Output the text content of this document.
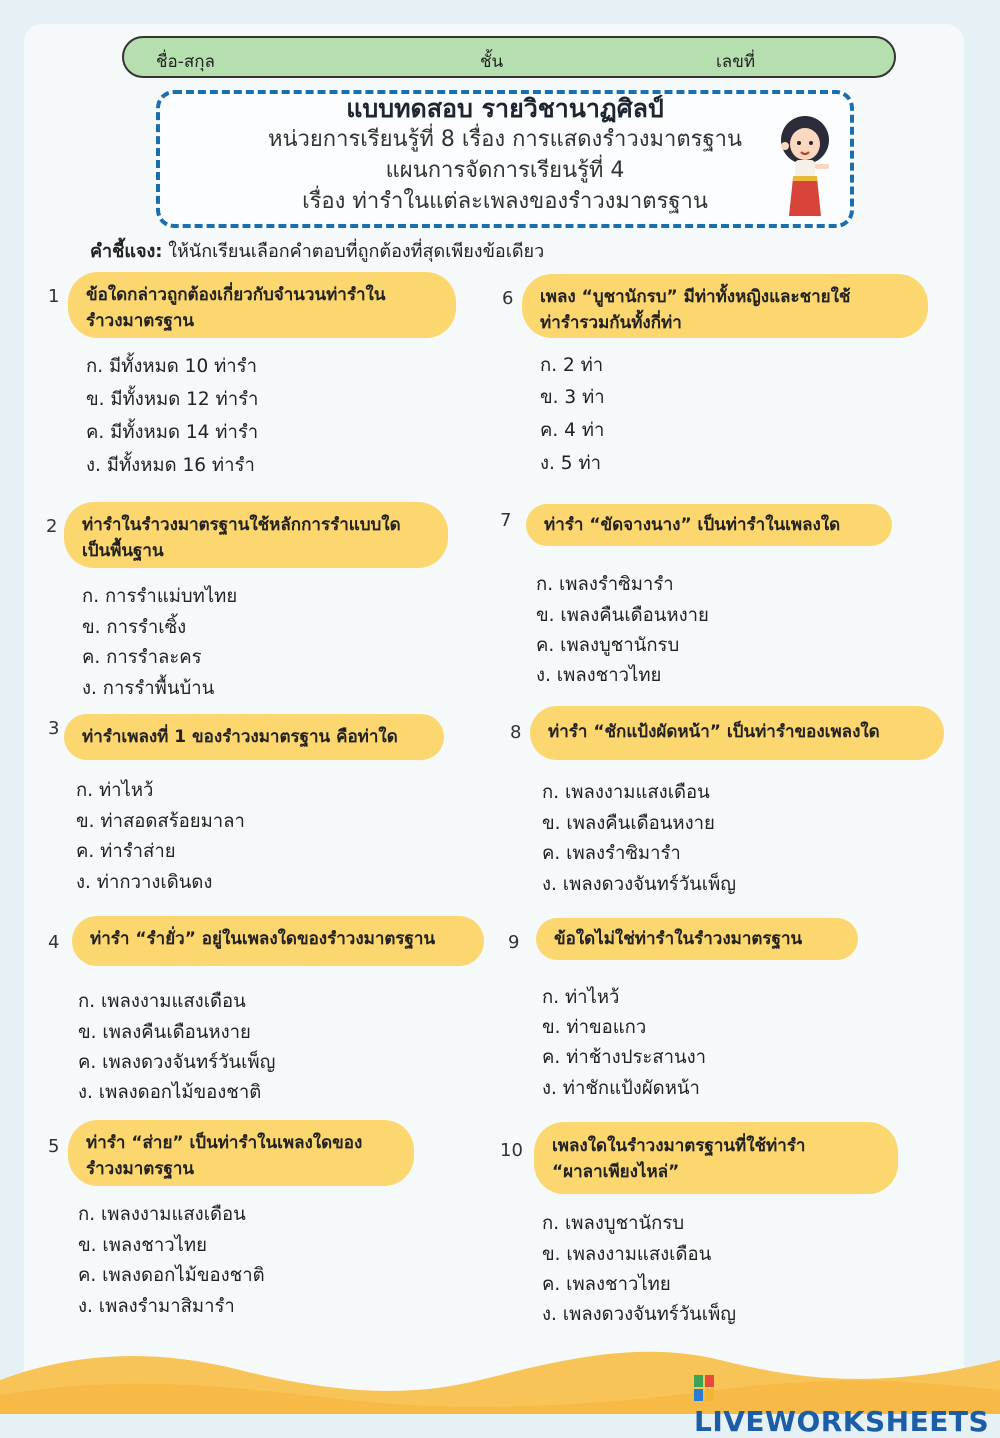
ชื่อ-สกุล	ชั้น	เลขที่
แบบทดสอบ รายวิชานาฏศิลป์
หน่วยการเรียนรู้ที่ 8 เรื่อง การแสดงรำวงมาตรฐาน
แผนการจัดการเรียนรู้ที่ 4
เรื่อง ท่ารำในแต่ละเพลงของรำวงมาตรฐาน
คำชี้แจง: ให้นักเรียนเลือกคำตอบที่ถูกต้องที่สุดเพียงข้อเดียว
1 ข้อใดกล่าวถูกต้องเกี่ยวกับจำนวนท่ารำใน
รำวงมาตรฐาน
ก. มีทั้งหมด 10 ท่ารำ
ข. มีทั้งหมด 12 ท่ารำ
ค. มีทั้งหมด 14 ท่ารำ
ง. มีทั้งหมด 16 ท่ารำ
2 ท่ารำในรำวงมาตรฐานใช้หลักการรำแบบใด
เป็นพื้นฐาน
ก. การรำแม่บทไทย
ข. การรำเซิ้ง
ค. การรำละคร
ง. การรำพื้นบ้าน
3 ท่ารำเพลงที่ 1 ของรำวงมาตรฐาน คือท่าใด
ก. ท่าไหว้
ข. ท่าสอดสร้อยมาลา
ค. ท่ารำส่าย
ง. ท่ากวางเดินดง
4 ท่ารำ “รำยั่ว” อยู่ในเพลงใดของรำวงมาตรฐาน
ก. เพลงงามแสงเดือน
ข. เพลงคืนเดือนหงาย
ค. เพลงดวงจันทร์วันเพ็ญ
ง. เพลงดอกไม้ของชาติ
5 ท่ารำ “ส่าย” เป็นท่ารำในเพลงใดของ
รำวงมาตรฐาน
ก. เพลงงามแสงเดือน
ข. เพลงชาวไทย
ค. เพลงดอกไม้ของชาติ
ง. เพลงรำมาสิมารำ
6 เพลง “บูชานักรบ” มีท่าทั้งหญิงและชายใช้
ท่ารำรวมกันทั้งกี่ท่า
ก. 2 ท่า
ข. 3 ท่า
ค. 4 ท่า
ง. 5 ท่า
7 ท่ารำ “ขัดจางนาง” เป็นท่ารำในเพลงใด
ก. เพลงรำซิมารำ
ข. เพลงคืนเดือนหงาย
ค. เพลงบูชานักรบ
ง. เพลงชาวไทย
8 ท่ารำ “ชักแป้งผัดหน้า” เป็นท่ารำของเพลงใด
ก. เพลงงามแสงเดือน
ข. เพลงคืนเดือนหงาย
ค. เพลงรำซิมารำ
ง. เพลงดวงจันทร์วันเพ็ญ
9 ข้อใดไม่ใช่ท่ารำในรำวงมาตรฐาน
ก. ท่าไหว้
ข. ท่าขอแกว
ค. ท่าช้างประสานงา
ง. ท่าชักแป้งผัดหน้า
10 เพลงใดในรำวงมาตรฐานที่ใช้ท่ารำ
“ผาลาเพียงไหล่”
ก. เพลงบูชานักรบ
ข. เพลงงามแสงเดือน
ค. เพลงชาวไทย
ง. เพลงดวงจันทร์วันเพ็ญ
LIVEWORKSHEETS
